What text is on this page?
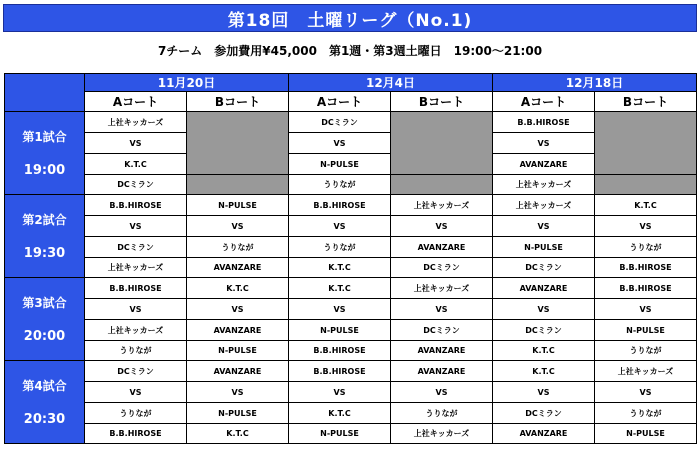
第18回　土曜リーグ（No.1)
7チーム　参加費用¥45,000　第1週・第3週土曜日　19:00〜21:00
	11月20日		12月4日		12月18日	
	Aコート	Bコート	Aコート	Bコート	Aコート	Bコート

第1試合
19:00	上社キッカーズ		DCミラン		B.B.HIROSE	
	VS		VS		VS	
	K.T.C		N-PULSE		AVANZARE	
	DCミラン		うりなが		上社キッカーズ	

第2試合
19:30	B.B.HIROSE	N-PULSE	B.B.HIROSE	上社キッカーズ	上社キッカーズ	K.T.C
	VS	VS	VS	VS	VS	VS
	DCミラン	うりなが	うりなが	AVANZARE	N-PULSE	うりなが
	上社キッカーズ	AVANZARE	K.T.C	DCミラン	DCミラン	B.B.HIROSE

第3試合
20:00	B.B.HIROSE	K.T.C	K.T.C	上社キッカーズ	AVANZARE	B.B.HIROSE
	VS	VS	VS	VS	VS	VS
	上社キッカーズ	AVANZARE	N-PULSE	DCミラン	DCミラン	N-PULSE
	うりなが	N-PULSE	B.B.HIROSE	AVANZARE	K.T.C	うりなが

第4試合
20:30	DCミラン	AVANZARE	B.B.HIROSE	AVANZARE	K.T.C	上社キッカーズ
	VS	VS	VS	VS	VS	VS
	うりなが	N-PULSE	K.T.C	うりなが	DCミラン	うりなが
	B.B.HIROSE	K.T.C	N-PULSE	上社キッカーズ	AVANZARE	N-PULSE
